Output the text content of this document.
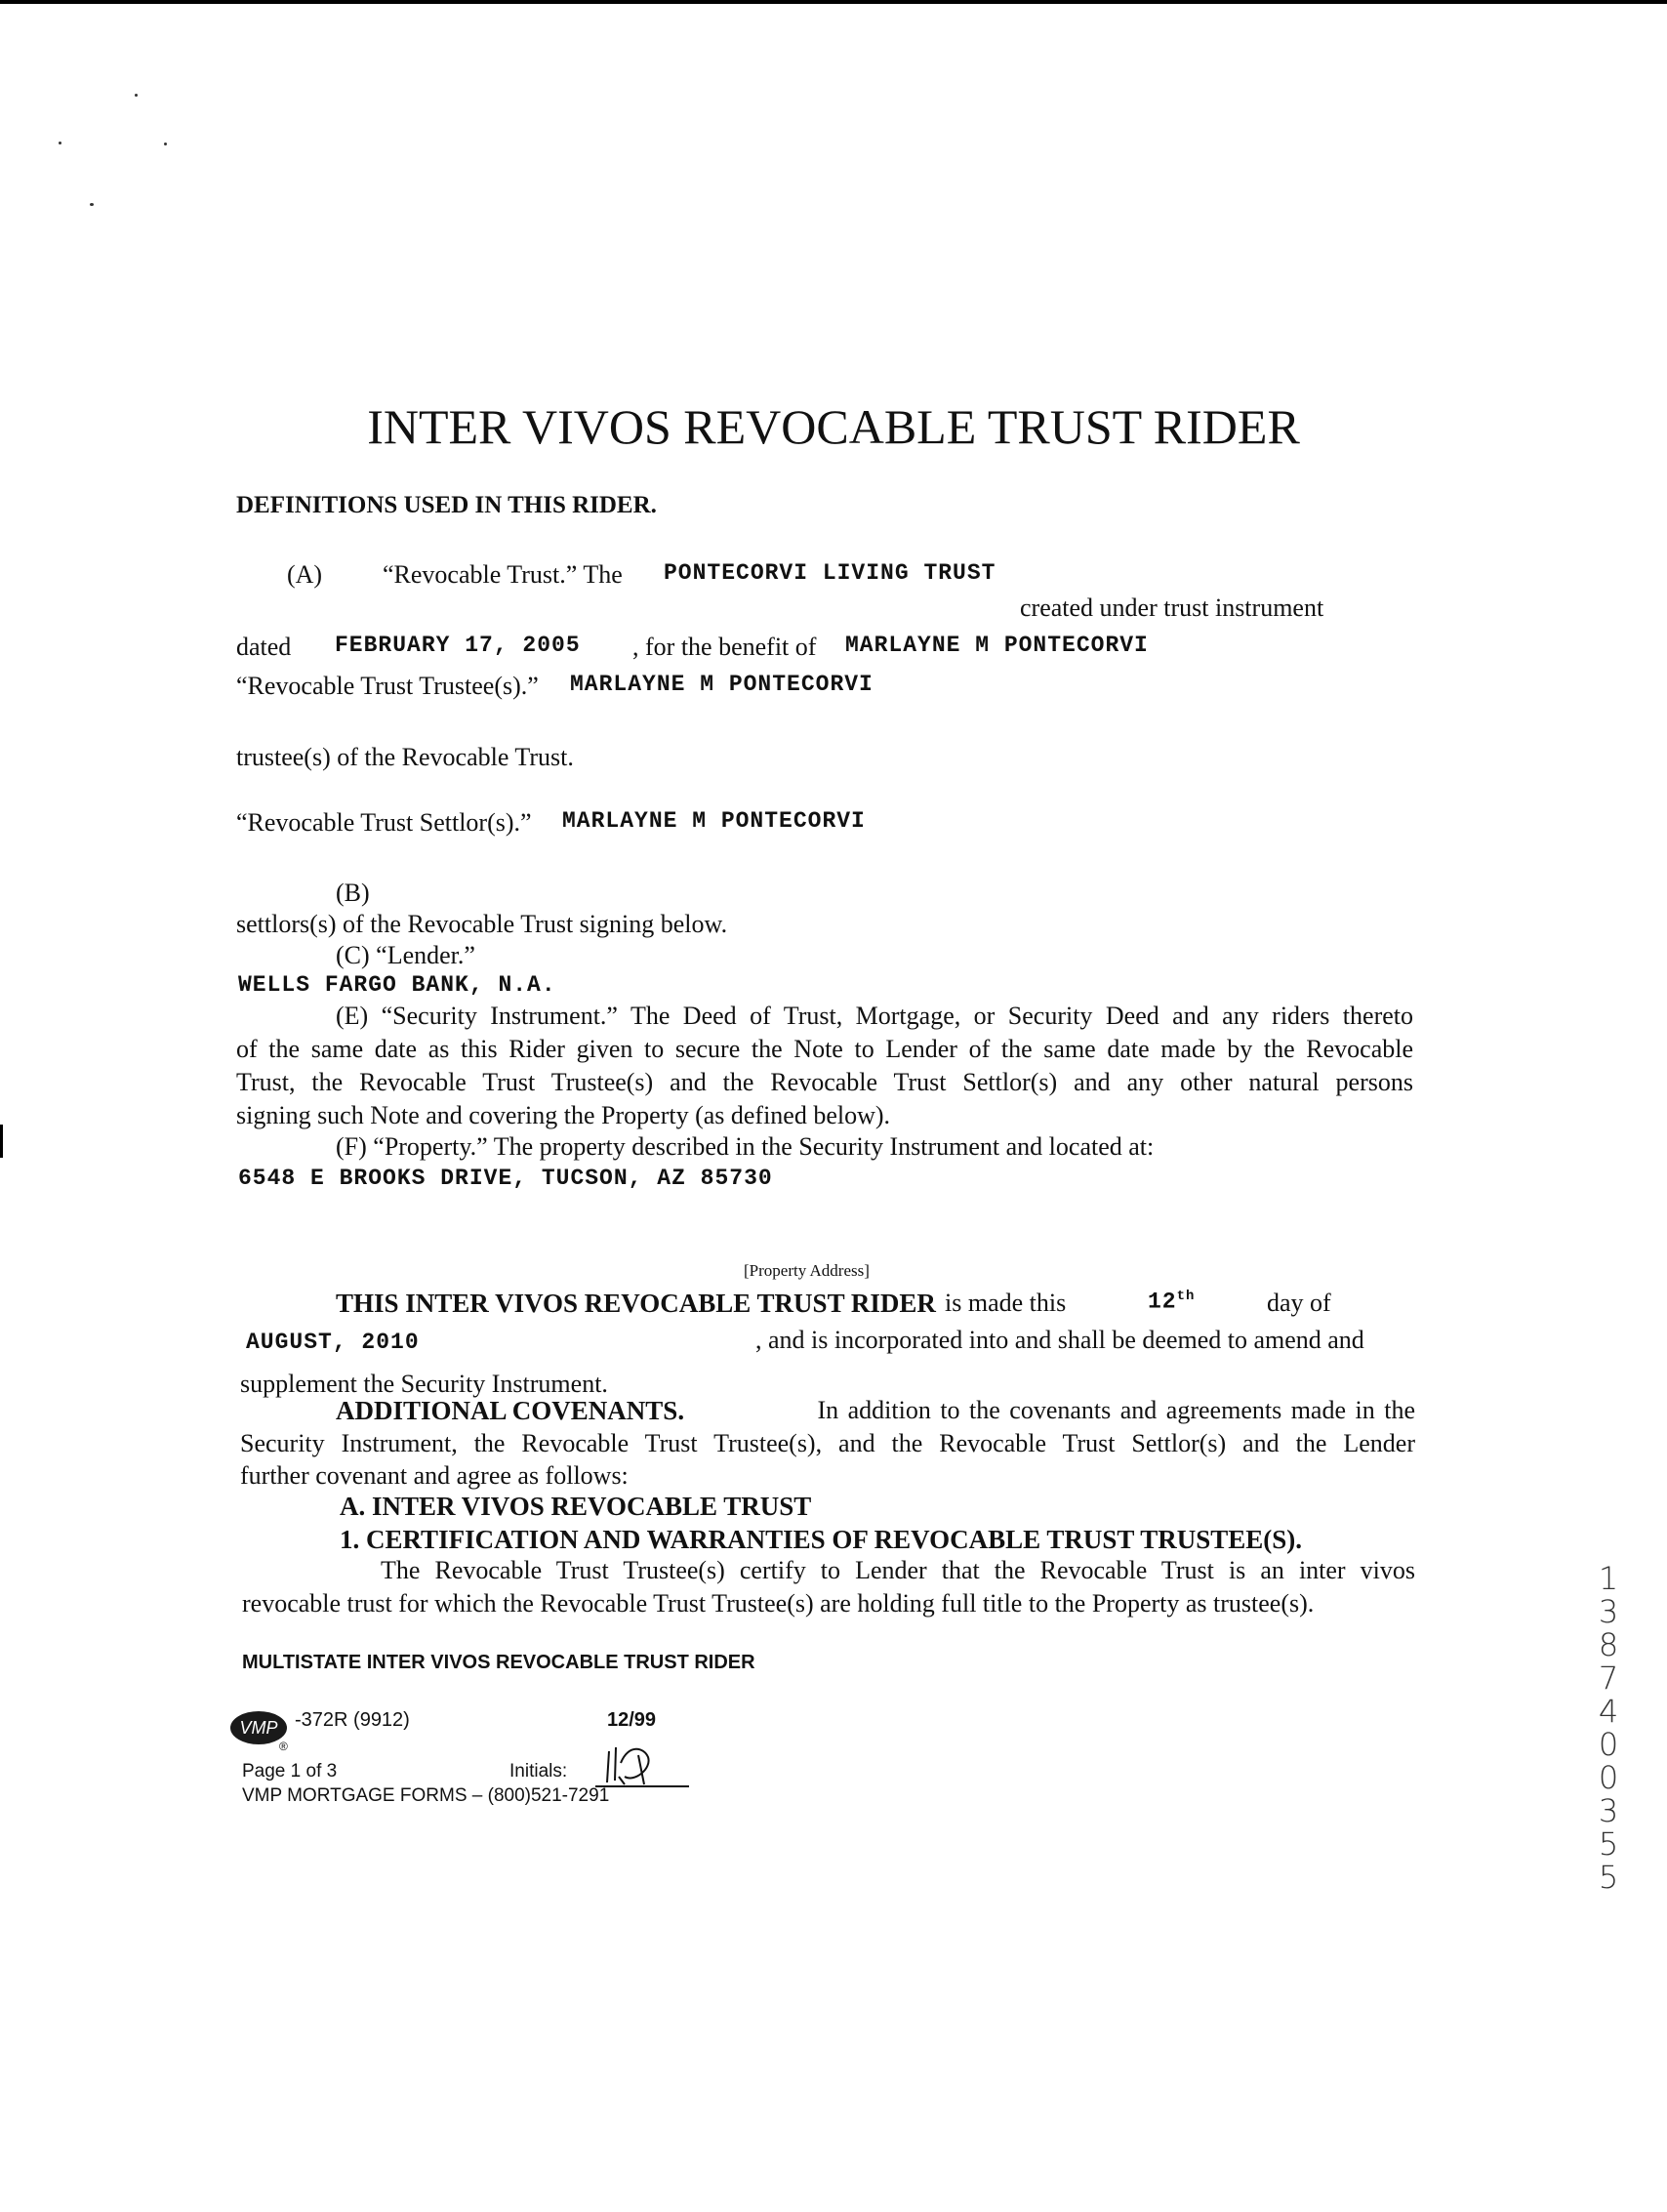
INTER VIVOS REVOCABLE TRUST RIDER
DEFINITIONS USED IN THIS RIDER.
(A) “Revocable Trust.” The PONTECORVI LIVING TRUST
created under trust instrument
dated FEBRUARY 17, 2005 , for the benefit of MARLAYNE M PONTECORVI
“Revocable Trust Trustee(s).” MARLAYNE M PONTECORVI
trustee(s) of the Revocable Trust.
“Revocable Trust Settlor(s).” MARLAYNE M PONTECORVI
(B)
settlors(s) of the Revocable Trust signing below.
(C) “Lender.”
WELLS FARGO BANK, N.A.
(E) “Security Instrument.” The Deed of Trust, Mortgage, or Security Deed and any riders thereto
of the same date as this Rider given to secure the Note to Lender of the same date made by the Revocable
Trust, the Revocable Trust Trustee(s) and the Revocable Trust Settlor(s) and any other natural persons
signing such Note and covering the Property (as defined below).
(F) “Property.” The property described in the Security Instrument and located at:
6548 E BROOKS DRIVE, TUCSON, AZ 85730
[Property Address]
THIS INTER VIVOS REVOCABLE TRUST RIDER is made this	12th	day of
AUGUST, 2010	, and is incorporated into and shall be deemed to amend and
supplement the Security Instrument.
ADDITIONAL COVENANTS.	In addition to the covenants and agreements made in the
Security Instrument, the Revocable Trust Trustee(s), and the Revocable Trust Settlor(s) and the Lender
further covenant and agree as follows:
A. INTER VIVOS REVOCABLE TRUST
1. CERTIFICATION AND WARRANTIES OF REVOCABLE TRUST TRUSTEE(S).
The Revocable Trust Trustee(s) certify to Lender that the Revocable Trust is an inter vivos
revocable trust for which the Revocable Trust Trustee(s) are holding full title to the Property as trustee(s).
MULTISTATE INTER VIVOS REVOCABLE TRUST RIDER
VMP
®
-372R (9912)	12/99
Page 1 of 3	Initials:
VMP MORTGAGE FORMS – (800)521-7291
1
3
8
7
4
0
0
3
5
5
